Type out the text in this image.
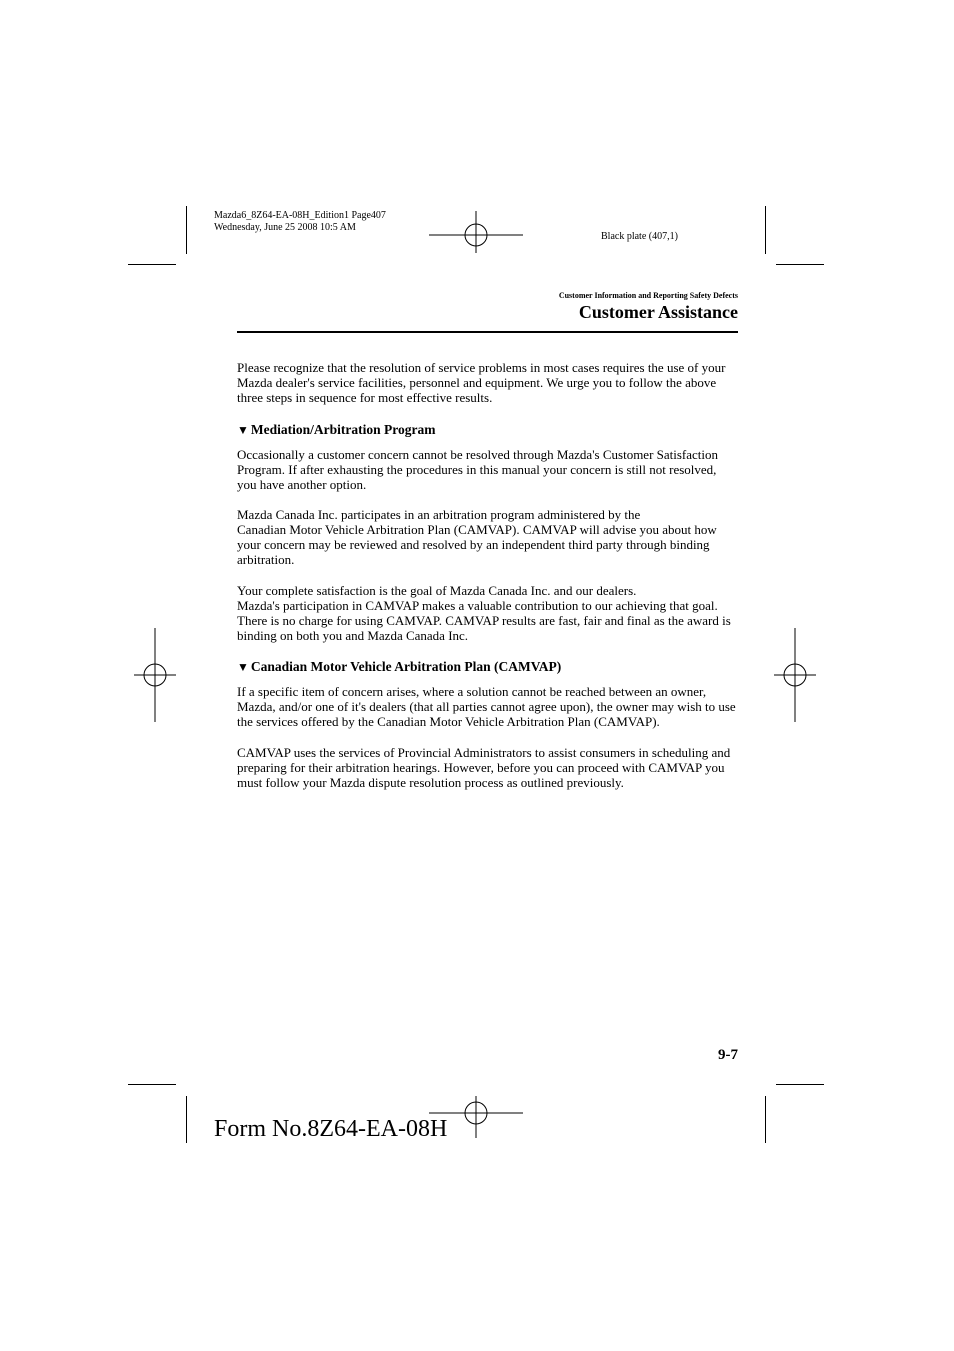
Mazda6_8Z64-EA-08H_Edition1 Page407
Wednesday, June 25 2008 10:5 AM
Black plate (407,1)
Customer Information and Reporting Safety Defects
Customer Assistance

Please recognize that the resolution of service problems in most cases requires the use of your Mazda dealer's service facilities, personnel and equipment. We urge you to follow the above three steps in sequence for most effective results.

▼ Mediation/Arbitration Program

Occasionally a customer concern cannot be resolved through Mazda's Customer Satisfaction Program. If after exhausting the procedures in this manual your concern is still not resolved, you have another option.

Mazda Canada Inc. participates in an arbitration program administered by the
Canadian Motor Vehicle Arbitration Plan (CAMVAP). CAMVAP will advise you about how your concern may be reviewed and resolved by an independent third party through binding arbitration.
Your complete satisfaction is the goal of Mazda Canada Inc. and our dealers.
Mazda's participation in CAMVAP makes a valuable contribution to our achieving that goal. There is no charge for using CAMVAP. CAMVAP results are fast, fair and final as the award is binding on both you and Mazda Canada Inc.
▼ Canadian Motor Vehicle Arbitration Plan (CAMVAP)

If a specific item of concern arises, where a solution cannot be reached between an owner, Mazda, and/or one of it's dealers (that all parties cannot agree upon), the owner may wish to use the services offered by the Canadian Motor Vehicle Arbitration Plan (CAMVAP).

CAMVAP uses the services of Provincial Administrators to assist consumers in scheduling and preparing for their arbitration hearings. However, before you can proceed with CAMVAP you must follow your Mazda dispute resolution process as outlined previously.

9-7
Form No.8Z64-EA-08H
